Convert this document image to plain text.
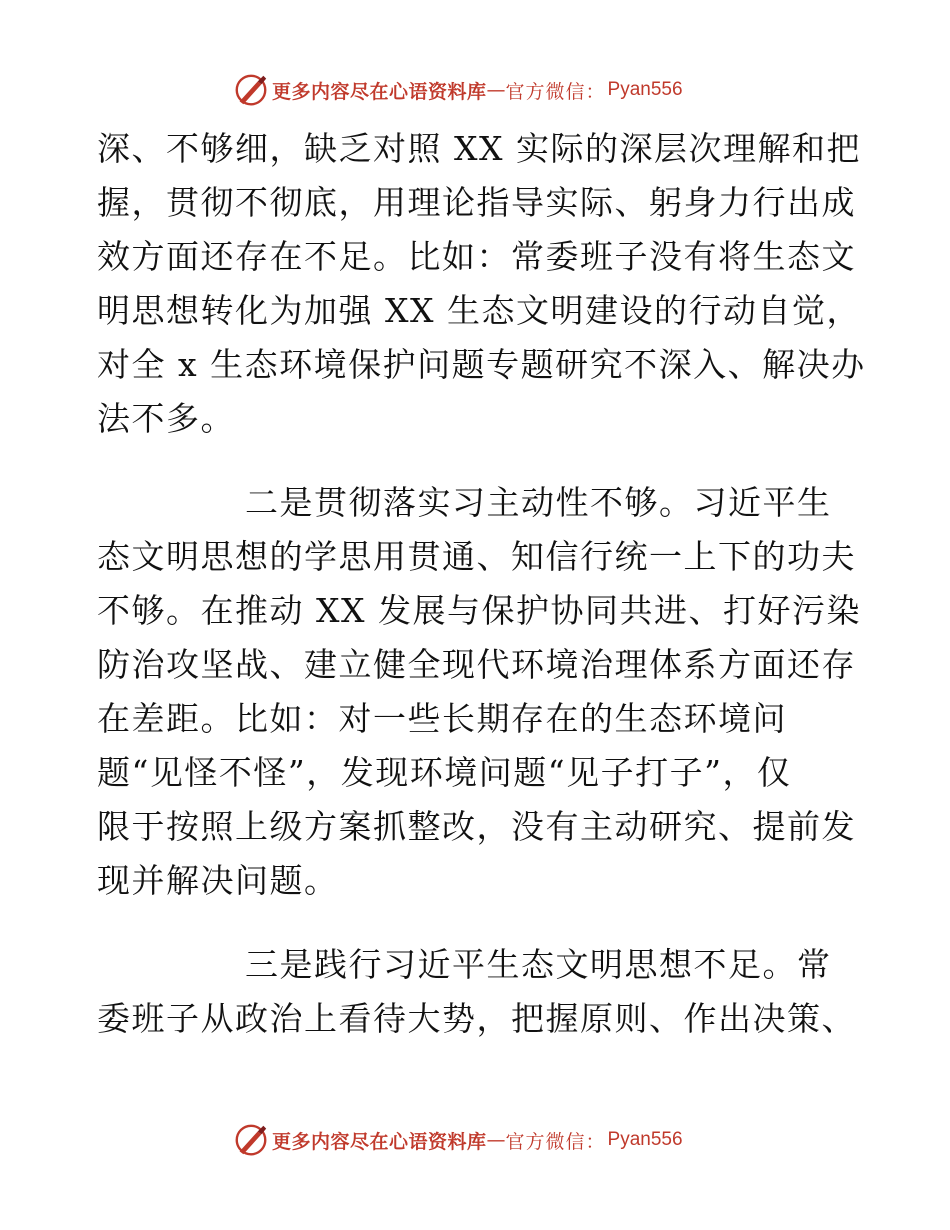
更多内容尽在心语资料库 — 官方微信： Pyan556
深、不够细，缺乏对照 XX 实际的深层次理解和把
握，贯彻不彻底，用理论指导实际、躬身力行出成
效方面还存在不足。比如：常委班子没有将生态文
明思想转化为加强 XX 生态文明建设的行动自觉，
对全 x 生态环境保护问题专题研究不深入、解决办
法不多。
二是贯彻落实习主动性不够。习近平生
态文明思想的学思用贯通、知信行统一上下的功夫
不够。在推动 XX 发展与保护协同共进、打好污染
防治攻坚战、建立健全现代环境治理体系方面还存
在差距。比如：对一些长期存在的生态环境问
题“见怪不怪”，发现环境问题“见子打子”，仅
限于按照上级方案抓整改，没有主动研究、提前发
现并解决问题。
三是践行习近平生态文明思想不足。常
委班子从政治上看待大势，把握原则、作出决策、
更多内容尽在心语资料库 — 官方微信： Pyan556
